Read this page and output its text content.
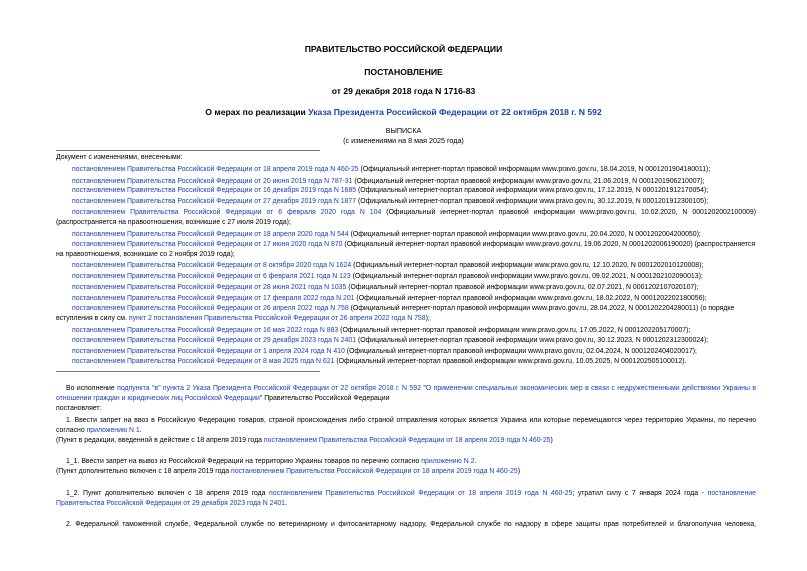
ПРАВИТЕЛЬСТВО РОССИЙСКОЙ ФЕДЕРАЦИИ
ПОСТАНОВЛЕНИЕ
от 29 декабря 2018 года N 1716-83
О мерах по реализации Указа Президента Российской Федерации от 22 октября 2018 г. N 592
ВЫПИСКА
(с изменениями на 8 мая 2025 года)
Документ с изменениями, внесенными:
постановлением Правительства Российской Федерации от 18 апреля 2019 года N 460-25 (Официальный интернет-портал правовой информации www.pravo.gov.ru, 18.04.2019, N 0001201904180011);
постановлением Правительства Российской Федерации от 20 июня 2019 года N 787-31 (Официальный интернет-портал правовой информации www.pravo.gov.ru, 21.06.2019, N 0001201906210007);
постановлением Правительства Российской Федерации от 16 декабря 2019 года N 1685 (Официальный интернет-портал правовой информации www.pravo.gov.ru, 17.12.2019, N 0001201912170054);
постановлением Правительства Российской Федерации от 27 декабря 2019 года N 1877 (Официальный интернет-портал правовой информации www.pravo.gov.ru, 30.12.2019, N 0001201912300105);
постановлением Правительства Российской Федерации от 6 февраля 2020 года N 104 (Официальный интернет-портал правовой информации www.pravo.gov.ru, 10.02.2020, N 0001202002100009)
(распространяется на правоотношения, возникшие с 27 июля 2019 года);
постановлением Правительства Российской Федерации от 18 апреля 2020 года N 544 (Официальный интернет-портал правовой информации www.pravo.gov.ru, 20.04.2020, N 0001202004200050);
постановлением Правительства Российской Федерации от 17 июня 2020 года N 870 (Официальный интернет-портал правовой информации www.pravo.gov.ru, 19.06.2020, N 0001202006190020) (распространяется
на правоотношения, возникшие со 2 ноября 2019 года);
постановлением Правительства Российской Федерации от 8 октября 2020 года N 1624 (Официальный интернет-портал правовой информации www.pravo.gov.ru, 12.10.2020, N 0001202010120008);
постановлением Правительства Российской Федерации от 6 февраля 2021 года N 123 (Официальный интернет-портал правовой информации www.pravo.gov.ru, 09.02.2021, N 0001202102090013);
постановлением Правительства Российской Федерации от 28 июня 2021 года N 1035 (Официальный интернет-портал правовой информации www.pravo.gov.ru, 02.07.2021, N 0001202107020107);
постановлением Правительства Российской Федерации от 17 февраля 2022 года N 201 (Официальный интернет-портал правовой информации www.pravo.gov.ru, 18.02.2022, N 0001202202180056);
постановлением Правительства Российской Федерации от 26 апреля 2022 года N 758 (Официальный интернет-портал правовой информации www.pravo.gov.ru, 28.04.2022, N 0001202204280011) (о порядке
вступления в силу см. пункт 2 постановления Правительства Российской Федерации от 26 апреля 2022 года N 758);
постановлением Правительства Российской Федерации от 16 мая 2022 года N 883 (Официальный интернет-портал правовой информации www.pravo.gov.ru, 17.05.2022, N 0001202205170007);
постановлением Правительства Российской Федерации от 29 декабря 2023 года N 2401 (Официальный интернет-портал правовой информации www.pravo.gov.ru, 30.12.2023, N 0001202312300024);
постановлением Правительства Российской Федерации от 1 апреля 2024 года N 410 (Официальный интернет-портал правовой информации www.pravo.gov.ru, 02.04.2024, N 0001202404020017);
постановлением Правительства Российской Федерации от 8 мая 2025 года N 621 (Официальный интернет-портал правовой информации www.pravo.gov.ru, 10.05.2025, N 0001202505100012).
Во исполнение подпункта "в" пункта 2 Указа Президента Российской Федерации от 22 октября 2018 г. N 592 "О применении специальных экономических мер в связи с недружественными действиями Украины в
отношении граждан и юридических лиц Российской Федерации" Правительство Российской Федерации
постановляет:
1. Ввести запрет на ввоз в Российскую Федерацию товаров, страной происхождения либо страной отправления которых является Украина или которые перемещаются через территорию Украины, по перечню
согласно приложению N 1.
(Пункт в редакции, введенной в действие с 18 апреля 2019 года постановлением Правительства Российской Федерации от 18 апреля 2019 года N 460-25)
1_1. Ввести запрет на вывоз из Российской Федерации на территорию Украины товаров по перечню согласно приложению N 2.
(Пункт дополнительно включен с 18 апреля 2019 года постановлением Правительства Российской Федерации от 18 апреля 2019 года N 460-25)
1_2. Пункт дополнительно включен с 18 апреля 2019 года постановлением Правительства Российской Федерации от 18 апреля 2019 года N 460-25; утратил силу с 7 января 2024 года - постановление
Правительства Российской Федерации от 29 декабря 2023 года N 2401.
2. Федеральной таможенной службе, Федеральной службе по ветеринарному и фитосанитарному надзору, Федеральной службе по надзору в сфере защиты прав потребителей и благополучия человека,
